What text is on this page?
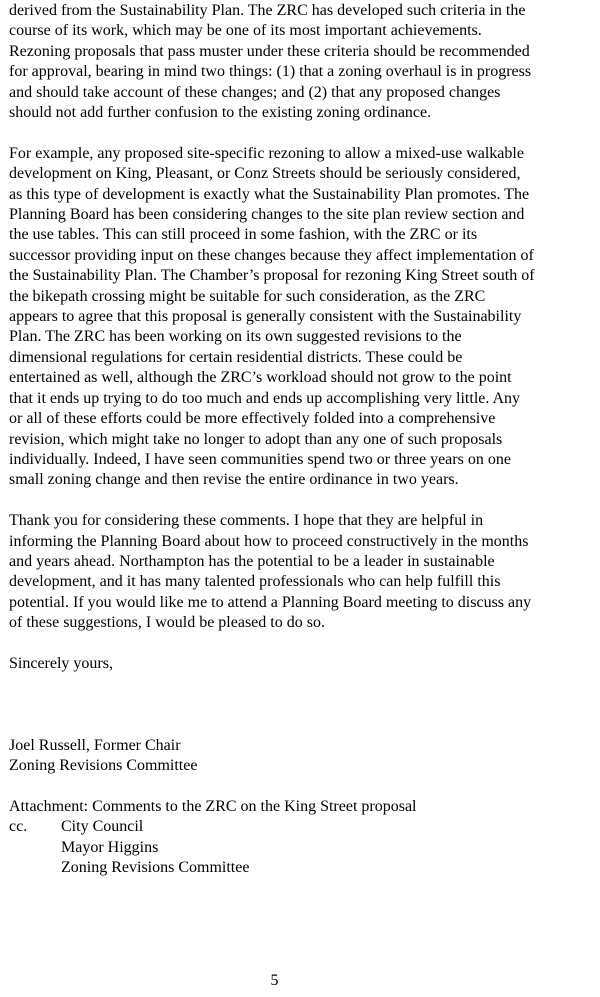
derived from the Sustainability Plan. The ZRC has developed such criteria in the
course of its work, which may be one of its most important achievements.
Rezoning proposals that pass muster under these criteria should be recommended
for approval, bearing in mind two things: (1) that a zoning overhaul is in progress
and should take account of these changes; and (2) that any proposed changes
should not add further confusion to the existing zoning ordinance.

For example, any proposed site-specific rezoning to allow a mixed-use walkable
development on King, Pleasant, or Conz Streets should be seriously considered,
as this type of development is exactly what the Sustainability Plan promotes. The
Planning Board has been considering changes to the site plan review section and
the use tables. This can still proceed in some fashion, with the ZRC or its
successor providing input on these changes because they affect implementation of
the Sustainability Plan. The Chamber’s proposal for rezoning King Street south of
the bikepath crossing might be suitable for such consideration, as the ZRC
appears to agree that this proposal is generally consistent with the Sustainability
Plan. The ZRC has been working on its own suggested revisions to the
dimensional regulations for certain residential districts. These could be
entertained as well, although the ZRC’s workload should not grow to the point
that it ends up trying to do too much and ends up accomplishing very little. Any
or all of these efforts could be more effectively folded into a comprehensive
revision, which might take no longer to adopt than any one of such proposals
individually. Indeed, I have seen communities spend two or three years on one
small zoning change and then revise the entire ordinance in two years.

Thank you for considering these comments. I hope that they are helpful in
informing the Planning Board about how to proceed constructively in the months
and years ahead. Northampton has the potential to be a leader in sustainable
development, and it has many talented professionals who can help fulfill this
potential. If you would like me to attend a Planning Board meeting to discuss any
of these suggestions, I would be pleased to do so.

Sincerely yours,

Joel Russell, Former Chair

Zoning Revisions Committee

Attachment: Comments to the ZRC on the King Street proposal

cc.	City Council
Mayor Higgins
Zoning Revisions Committee
5
